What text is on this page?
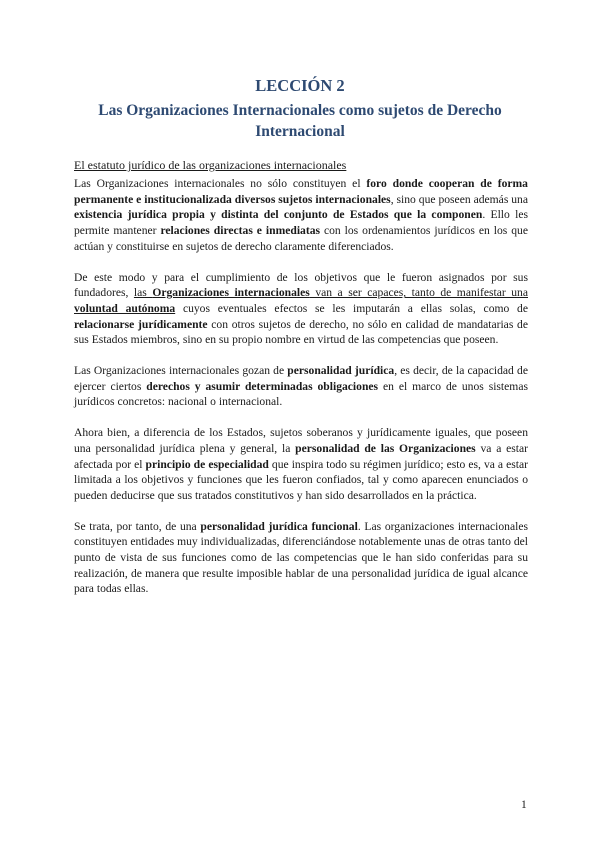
LECCIÓN 2
Las Organizaciones Internacionales como sujetos de Derecho Internacional
El estatuto jurídico de las organizaciones internacionales

Las Organizaciones internacionales no sólo constituyen el foro donde cooperan de forma permanente e institucionalizada diversos sujetos internacionales, sino que poseen además una existencia jurídica propia y distinta del conjunto de Estados que la componen. Ello les permite mantener relaciones directas e inmediatas con los ordenamientos jurídicos en los que actúan y constituirse en sujetos de derecho claramente diferenciados.

De este modo y para el cumplimiento de los objetivos que le fueron asignados por sus fundadores, las Organizaciones internacionales van a ser capaces, tanto de manifestar una voluntad autónoma cuyos eventuales efectos se les imputarán a ellas solas, como de relacionarse jurídicamente con otros sujetos de derecho, no sólo en calidad de mandatarias de sus Estados miembros, sino en su propio nombre en virtud de las competencias que poseen.

Las Organizaciones internacionales gozan de personalidad jurídica, es decir, de la capacidad de ejercer ciertos derechos y asumir determinadas obligaciones en el marco de unos sistemas jurídicos concretos: nacional o internacional.

Ahora bien, a diferencia de los Estados, sujetos soberanos y jurídicamente iguales, que poseen una personalidad jurídica plena y general, la personalidad de las Organizaciones va a estar afectada por el principio de especialidad que inspira todo su régimen jurídico; esto es, va a estar limitada a los objetivos y funciones que les fueron confiados, tal y como aparecen enunciados o pueden deducirse que sus tratados constitutivos y han sido desarrollados en la práctica.

Se trata, por tanto, de una personalidad jurídica funcional. Las organizaciones internacionales constituyen entidades muy individualizadas, diferenciándose notablemente unas de otras tanto del punto de vista de sus funciones como de las competencias que le han sido conferidas para su realización, de manera que resulte imposible hablar de una personalidad jurídica de igual alcance para todas ellas.

1
